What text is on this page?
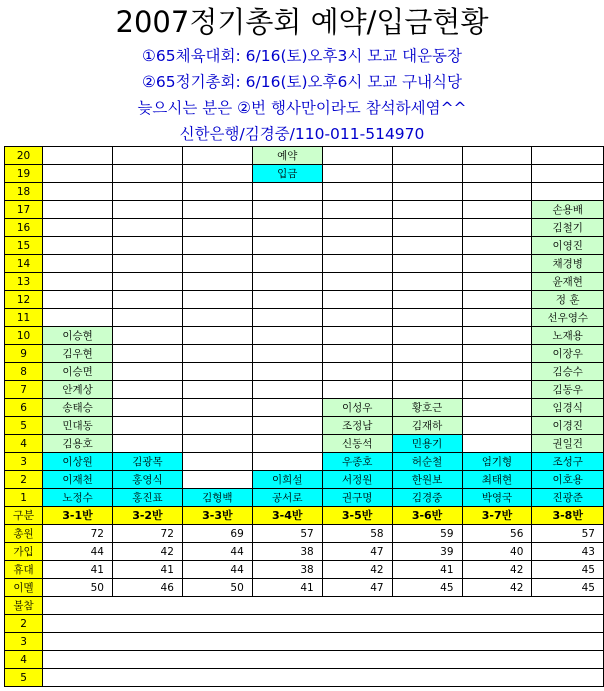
2007정기총회 예약/입금현황
①65체육대회: 6/16(토)오후3시 모교 대운동장
②65정기총회: 6/16(토)오후6시 모교 구내식당
늦으시는 분은 ②번 행사만이라도 참석하세염^^
신한은행/김경중/110-011-514970
20				예약				
19				입금				
18								
17								손용배
16								김철기
15								이영진
14								채경병
13								윤재현
12								정 훈
11								선우영수
10	이승현							노재용
9	김우현							이장우
8	이승면							김승수
7	안계상							김동우
6	송태승				이성우	황호근		임경식
5	민대동				조정남	김재하		이경진
4	김용호				신동석	민용기		권일건
3	이상원	김광목			우종호	허순철	엄기형	조성구
2	이재천	홍영식		이희설	서정원	한원보	최태현	이호용
1	노정수	홍진표	김형백	공서로	권구명	김경중	박영국	진광준
구분	3-1반	3-2반	3-3반	3-4반	3-5반	3-6반	3-7반	3-8반
총원	72	72	69	57	58	59	56	57
가입	44	42	44	38	47	39	40	43
휴대	41	41	44	38	42	41	42	45
이멜	50	46	50	41	47	45	42	45
불참								
2								
3								
4								
5								
